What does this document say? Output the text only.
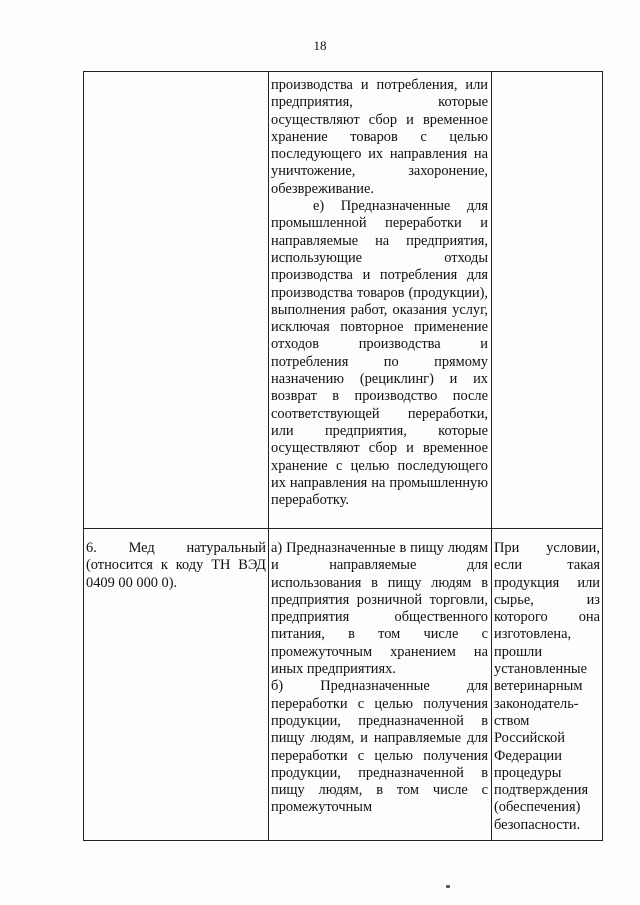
18

производства и потребления, или предприятия, которые осуществляют сбор и временное хранение товаров с целью последующего их направления на уничтожение, захоронение, обезвреживание.

е) Предназначенные для промышленной переработки и направляемые на предприятия, использующие отходы производства и потребления для производства товаров (продукции), выполнения работ, оказания услуг, исключая повторное применение отходов производства и потребления по прямому назначению (рециклинг) и их возврат в производство после соответствующей переработки, или предприятия, которые осуществляют сбор и временное хранение с целью последующего их направления на промышленную переработку.

6. Мед натуральный (относится к коду ТН ВЭД 0409 00 000 0).

а) Предназначенные в пищу людям и направляемые для использования в пищу людям в предприятия розничной торговли, предприятия общественного питания, в том числе с промежуточным хранением на иных предприятиях.

б) Предназначенные для переработки с целью получения продукции, предназначенной в пищу людям, и направляемые для переработки с целью получения продукции, предназначенной в пищу людям, в том числе с промежуточным

При условии, если такая продукция или сырье, из которого она изготовлена, прошли установленные ветеринарным законодатель-ством Российской Федерации процедуры подтверждения (обеспечения) безопасности.
